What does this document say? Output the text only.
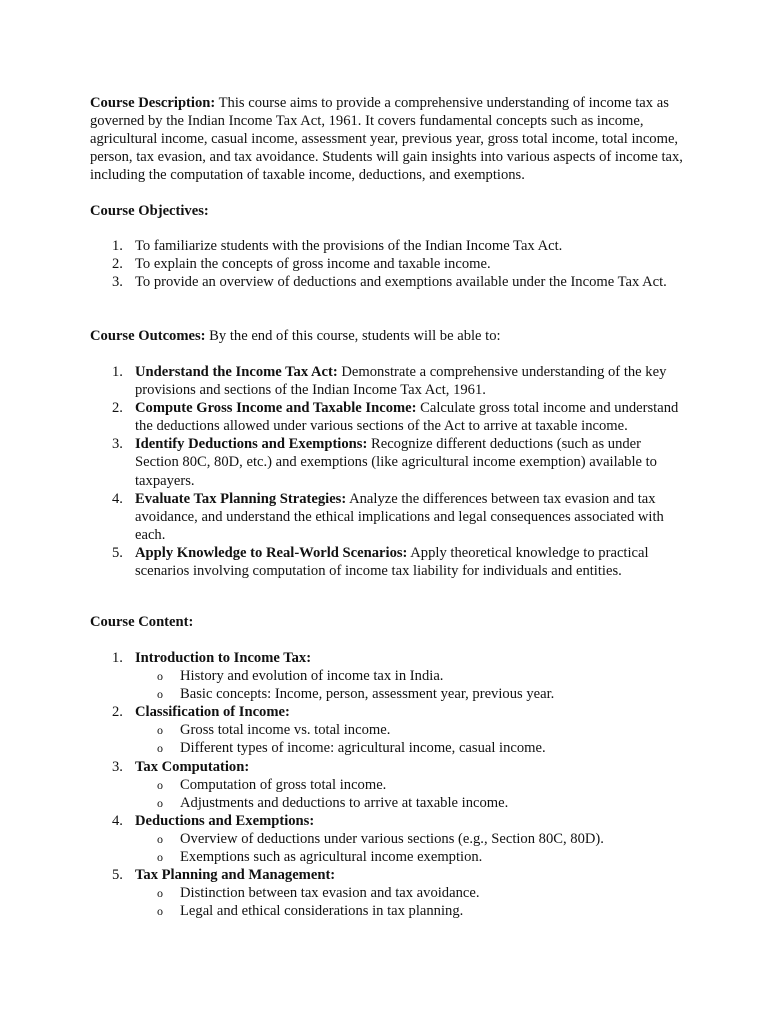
Course Description: This course aims to provide a comprehensive understanding of income tax as governed by the Indian Income Tax Act, 1961. It covers fundamental concepts such as income, agricultural income, casual income, assessment year, previous year, gross total income, total income, person, tax evasion, and tax avoidance. Students will gain insights into various aspects of income tax, including the computation of taxable income, deductions, and exemptions.

Course Objectives:

1. To familiarize students with the provisions of the Indian Income Tax Act.
2. To explain the concepts of gross income and taxable income.
3. To provide an overview of deductions and exemptions available under the Income Tax Act.

Course Outcomes: By the end of this course, students will be able to:

1. Understand the Income Tax Act: Demonstrate a comprehensive understanding of the key provisions and sections of the Indian Income Tax Act, 1961.
2. Compute Gross Income and Taxable Income: Calculate gross total income and understand the deductions allowed under various sections of the Act to arrive at taxable income.
3. Identify Deductions and Exemptions: Recognize different deductions (such as under Section 80C, 80D, etc.) and exemptions (like agricultural income exemption) available to taxpayers.
4. Evaluate Tax Planning Strategies: Analyze the differences between tax evasion and tax avoidance, and understand the ethical implications and legal consequences associated with each.
5. Apply Knowledge to Real-World Scenarios: Apply theoretical knowledge to practical scenarios involving computation of income tax liability for individuals and entities.

Course Content:

1. Introduction to Income Tax:
o History and evolution of income tax in India.
o Basic concepts: Income, person, assessment year, previous year.
2. Classification of Income:
o Gross total income vs. total income.
o Different types of income: agricultural income, casual income.
3. Tax Computation:
o Computation of gross total income.
o Adjustments and deductions to arrive at taxable income.
4. Deductions and Exemptions:
o Overview of deductions under various sections (e.g., Section 80C, 80D).
o Exemptions such as agricultural income exemption.
5. Tax Planning and Management:
o Distinction between tax evasion and tax avoidance.
o Legal and ethical considerations in tax planning.
